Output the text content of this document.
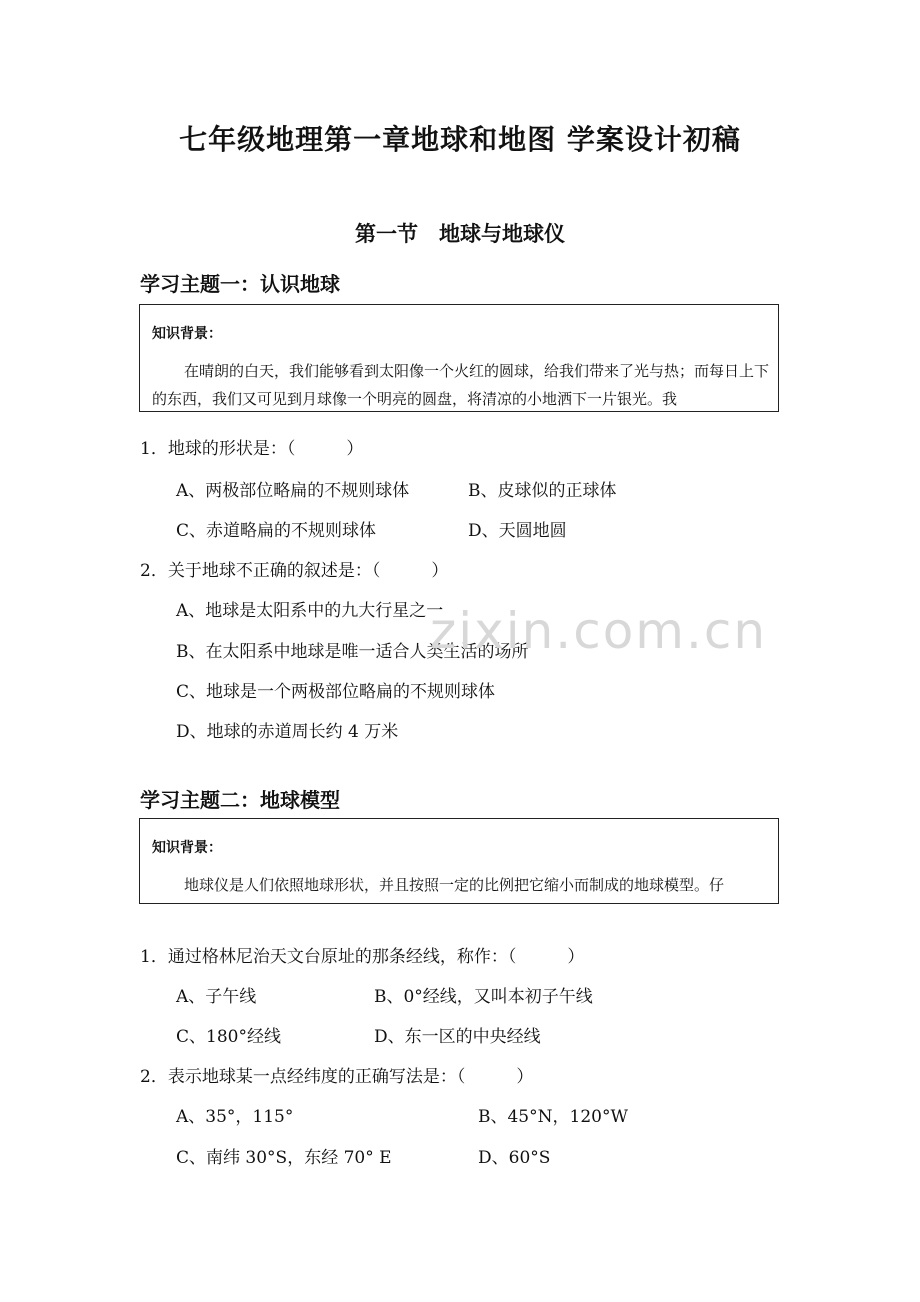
七年级地理第一章地球和地图 学案设计初稿
第一节　地球与地球仪
学习主题一：认识地球
知识背景：
在晴朗的白天，我们能够看到太阳像一个火红的圆球，给我们带来了光与热；而每日上下的东西，我们又可见到月球像一个明亮的圆盘，将清凉的小地洒下一片银光。我
1．地球的形状是：（　　　）
A、两极部位略扁的不规则球体	B、皮球似的正球体
C、赤道略扁的不规则球体	D、天圆地圆
2．关于地球不正确的叙述是：（　　　）
A、地球是太阳系中的九大行星之一
B、在太阳系中地球是唯一适合人类生活的场所
C、地球是一个两极部位略扁的不规则球体
D、地球的赤道周长约 4 万米
zixin.com.cn
学习主题二：地球模型
知识背景：
地球仪是人们依照地球形状，并且按照一定的比例把它缩小而制成的地球模型。仔
1．通过格林尼治天文台原址的那条经线，称作：（　　　）
A、子午线	B、0°经线，又叫本初子午线
C、180°经线	D、东一区的中央经线
2．表示地球某一点经纬度的正确写法是：（　　　）
A、35°，115°	B、45°N，120°W
C、南纬 30°S，东经 70° E	D、60°S
